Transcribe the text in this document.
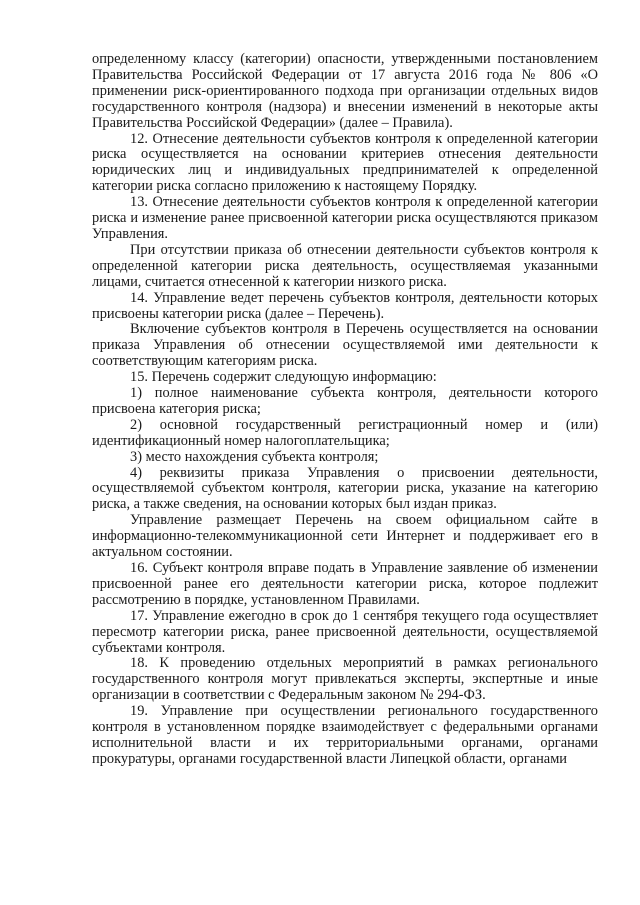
определенному классу (категории) опасности, утвержденными постановлением Правительства Российской Федерации от 17 августа 2016 года № 806 «О применении риск-ориентированного подхода при организации отдельных видов государственного контроля (надзора) и внесении изменений в некоторые акты Правительства Российской Федерации» (далее – Правила).

12. Отнесение деятельности субъектов контроля к определенной категории риска осуществляется на основании критериев отнесения деятельности юридических лиц и индивидуальных предпринимателей к определенной категории риска согласно приложению к настоящему Порядку.

13. Отнесение деятельности субъектов контроля к определенной категории риска и изменение ранее присвоенной категории риска осуществляются приказом Управления.

При отсутствии приказа об отнесении деятельности субъектов контроля к определенной категории риска деятельность, осуществляемая указанными лицами, считается отнесенной к категории низкого риска.

14. Управление ведет перечень субъектов контроля, деятельности которых присвоены категории риска (далее – Перечень).

Включение субъектов контроля в Перечень осуществляется на основании приказа Управления об отнесении осуществляемой ими деятельности к соответствующим категориям риска.

15. Перечень содержит следующую информацию:

1) полное наименование субъекта контроля, деятельности которого присвоена категория риска;

2) основной государственный регистрационный номер и (или) идентификационный номер налогоплательщика;

3) место нахождения субъекта контроля;

4) реквизиты приказа Управления о присвоении деятельности, осуществляемой субъектом контроля, категории риска, указание на категорию риска, а также сведения, на основании которых был издан приказ.

Управление размещает Перечень на своем официальном сайте в информационно-телекоммуникационной сети Интернет и поддерживает его в актуальном состоянии.

16. Субъект контроля вправе подать в Управление заявление об изменении присвоенной ранее его деятельности категории риска, которое подлежит рассмотрению в порядке, установленном Правилами.

17. Управление ежегодно в срок до 1 сентября текущего года осуществляет пересмотр категории риска, ранее присвоенной деятельности, осуществляемой субъектами контроля.

18. К проведению отдельных мероприятий в рамках регионального государственного контроля могут привлекаться эксперты, экспертные и иные организации в соответствии с Федеральным законом № 294-ФЗ.

19. Управление при осуществлении регионального государственного контроля в установленном порядке взаимодействует с федеральными органами исполнительной власти и их территориальными органами, органами прокуратуры, органами государственной власти Липецкой области, органами
